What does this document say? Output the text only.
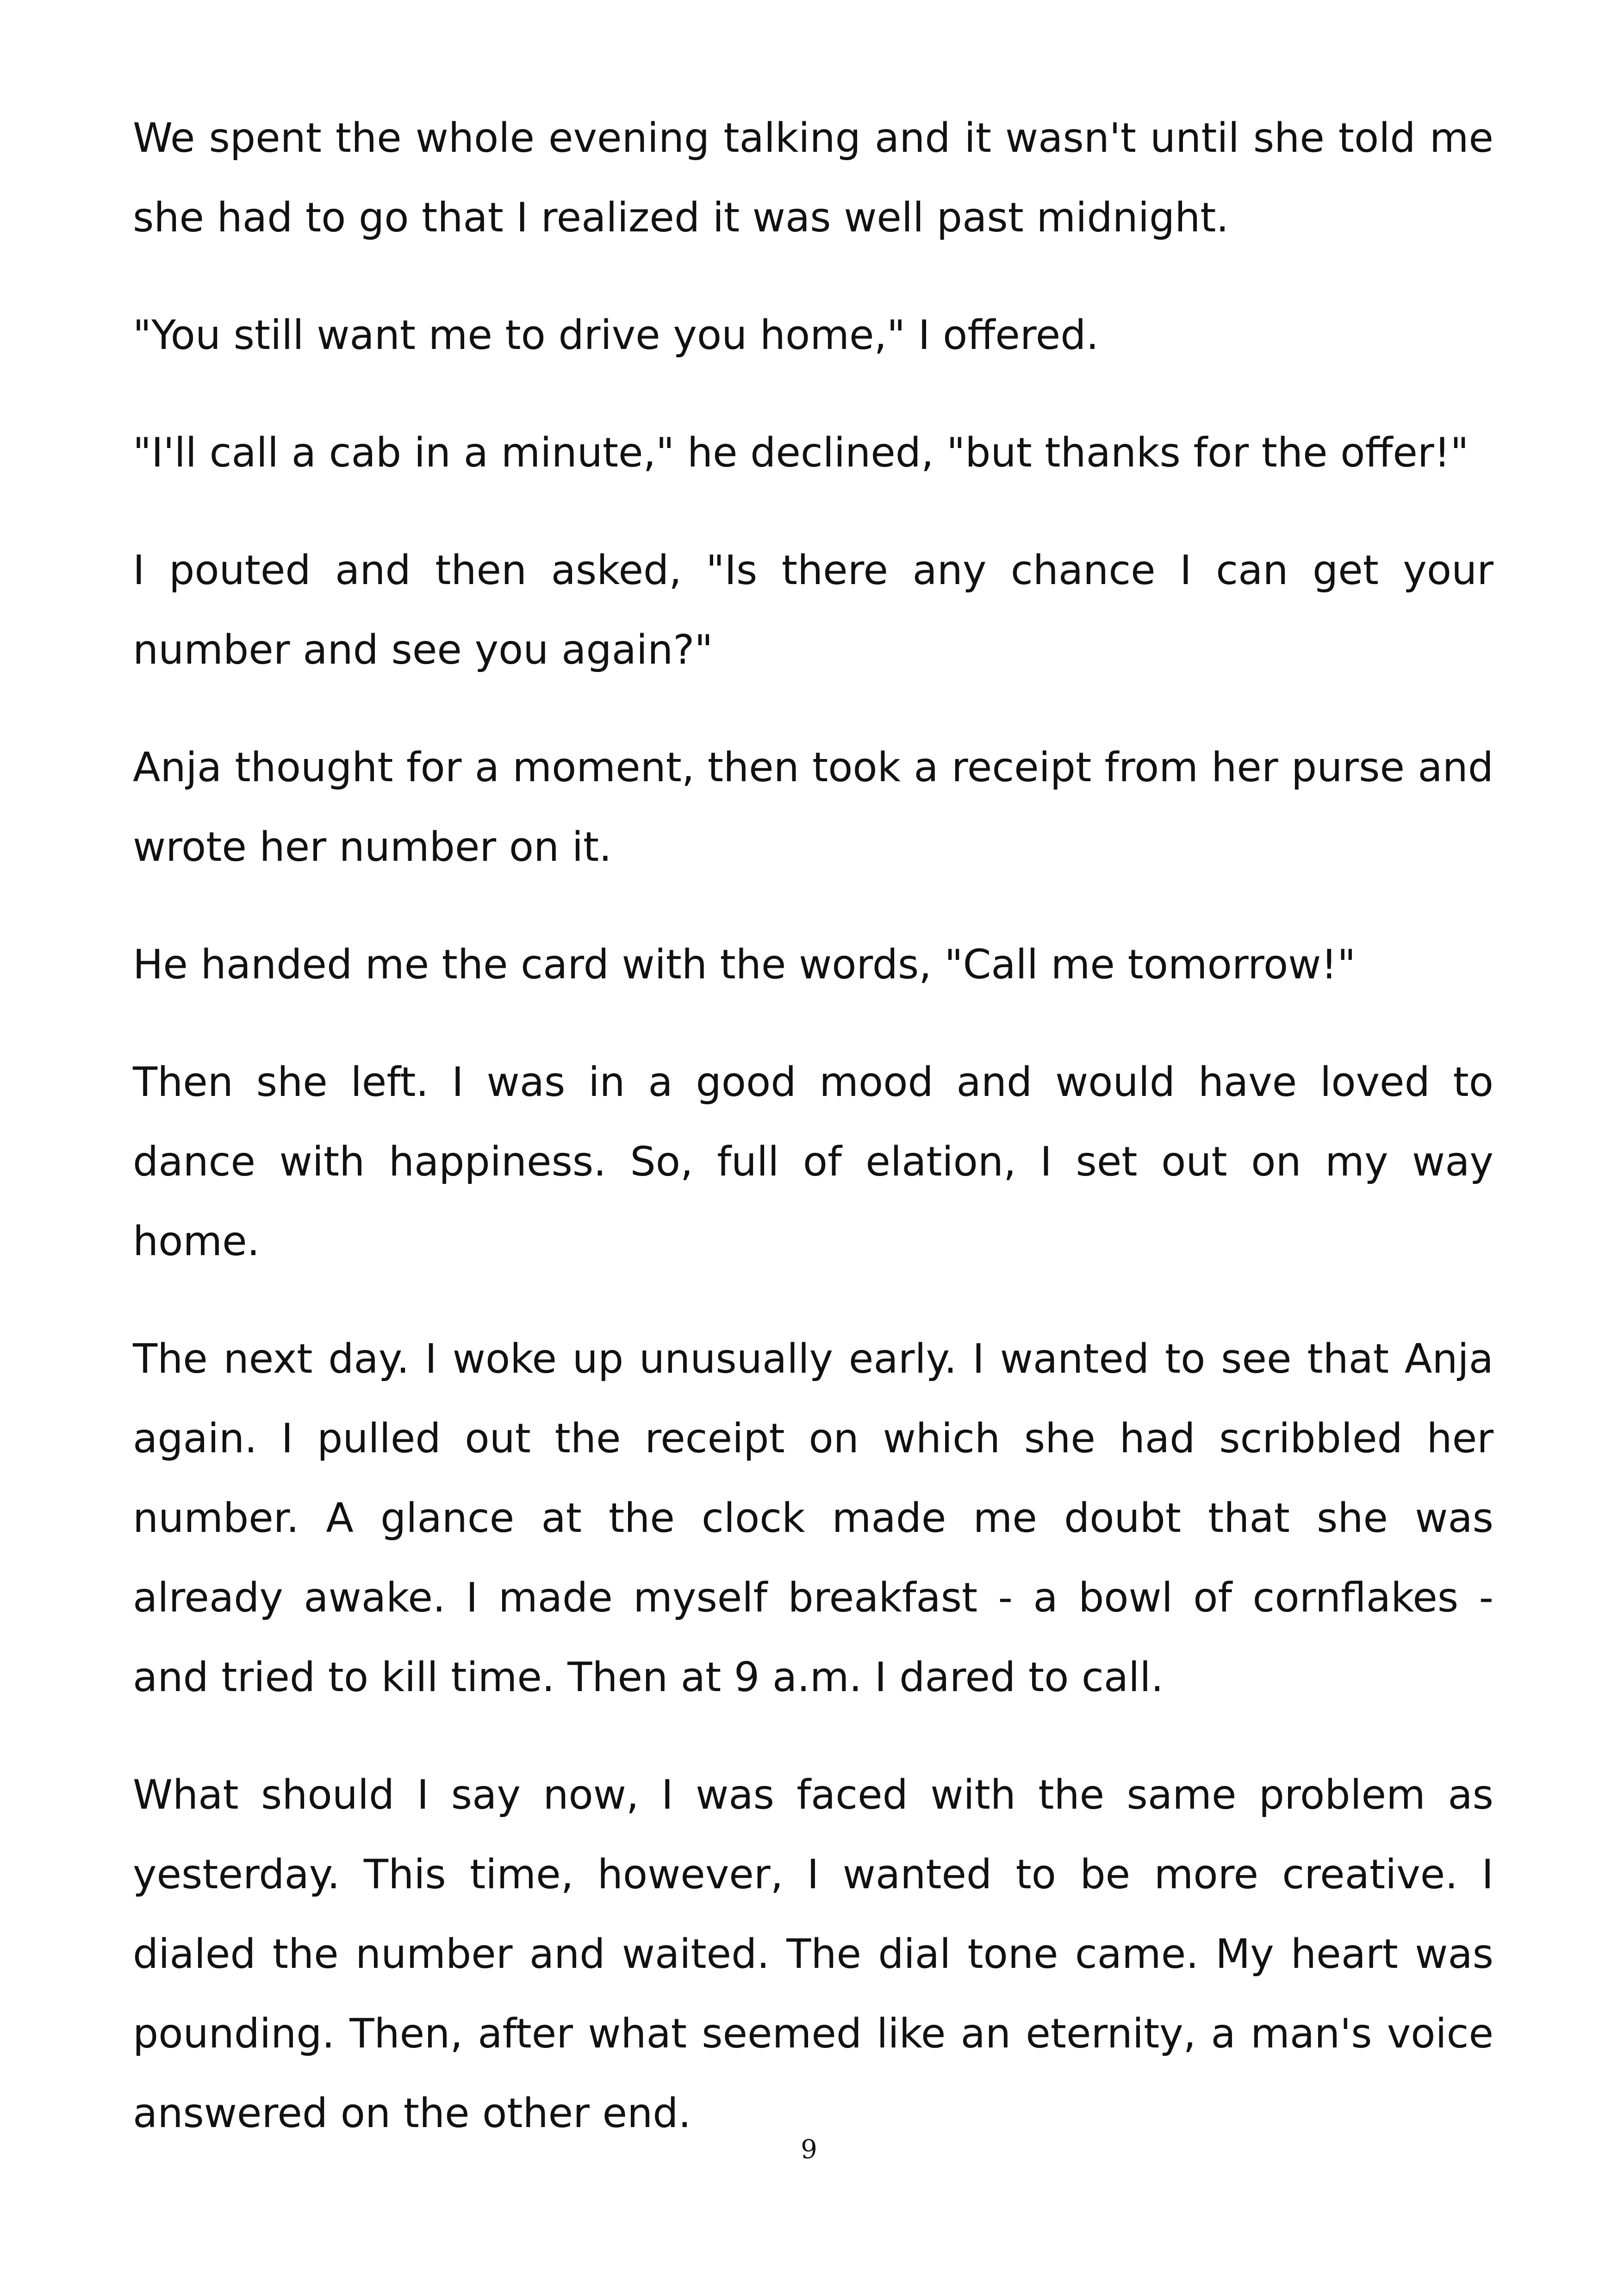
We spent the whole evening talking and it wasn't until she told me she had to go that I realized it was well past midnight.

"You still want me to drive you home," I offered.

"I'll call a cab in a minute," he declined, "but thanks for the offer!"

I pouted and then asked, "Is there any chance I can get your number and see you again?"

Anja thought for a moment, then took a receipt from her purse and wrote her number on it.

He handed me the card with the words, "Call me tomorrow!"

Then she left. I was in a good mood and would have loved to dance with happiness. So, full of elation, I set out on my way home.

The next day. I woke up unusually early. I wanted to see that Anja again. I pulled out the receipt on which she had scribbled her number. A glance at the clock made me doubt that she was already awake. I made myself breakfast - a bowl of cornflakes - and tried to kill time. Then at 9 a.m. I dared to call.

What should I say now, I was faced with the same problem as yesterday. This time, however, I wanted to be more creative. I dialed the number and waited. The dial tone came. My heart was pounding. Then, after what seemed like an eternity, a man's voice answered on the other end.

9
